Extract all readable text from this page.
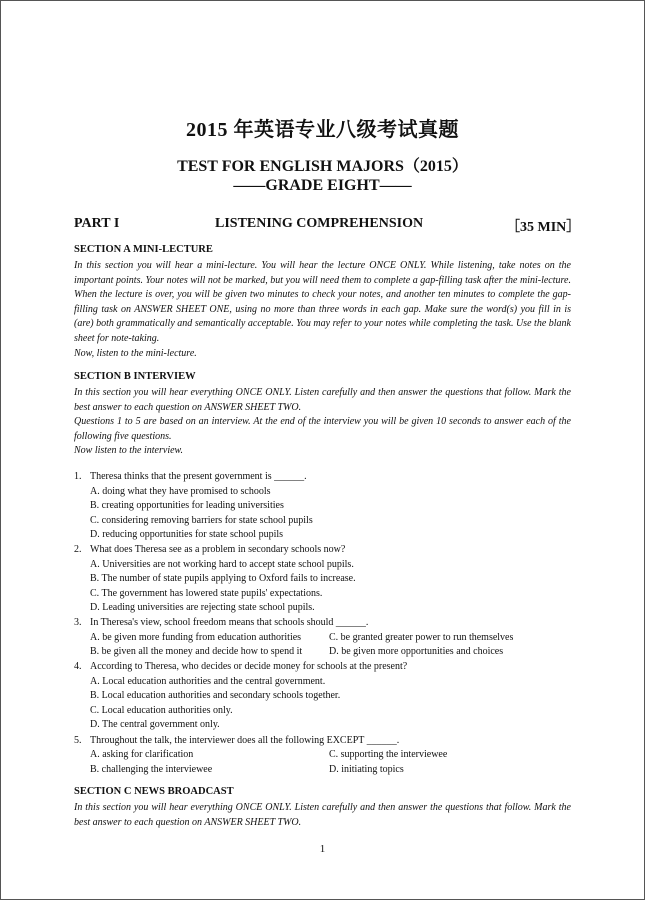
2015 年英语专业八级考试真题
TEST FOR ENGLISH MAJORS（2015）
——GRADE EIGHT——
PART I	LISTENING COMPREHENSION	［35 MIN］
SECTION A MINI-LECTURE
In this section you will hear a mini-lecture. You will hear the lecture ONCE ONLY. While listening, take notes on the important points. Your notes will not be marked, but you will need them to complete a gap-filling task after the mini-lecture. When the lecture is over, you will be given two minutes to check your notes, and another ten minutes to complete the gap-filling task on ANSWER SHEET ONE, using no more than three words in each gap. Make sure the word(s) you fill in is (are) both grammatically and semantically acceptable. You may refer to your notes while completing the task. Use the blank sheet for note-taking.
Now, listen to the mini-lecture.
SECTION B INTERVIEW
In this section you will hear everything ONCE ONLY. Listen carefully and then answer the questions that follow. Mark the best answer to each question on ANSWER SHEET TWO.
Questions 1 to 5 are based on an interview. At the end of the interview you will be given 10 seconds to answer each of the following five questions.
Now listen to the interview.
1. Theresa thinks that the present government is ______.
A. doing what they have promised to schools
B. creating opportunities for leading universities
C. considering removing barriers for state school pupils
D. reducing opportunities for state school pupils
2. What does Theresa see as a problem in secondary schools now?
A. Universities are not working hard to accept state school pupils.
B. The number of state pupils applying to Oxford fails to increase.
C. The government has lowered state pupils' expectations.
D. Leading universities are rejecting state school pupils.
3. In Theresa's view, school freedom means that schools should ______.
A. be given more funding from education authorities	C. be granted greater power to run themselves
B. be given all the money and decide how to spend it	D. be given more opportunities and choices
4. According to Theresa, who decides or decide money for schools at the present?
A. Local education authorities and the central government.
B. Local education authorities and secondary schools together.
C. Local education authorities only.
D. The central government only.
5. Throughout the talk, the interviewer does all the following EXCEPT ______.
A. asking for clarification	C. supporting the interviewee
B. challenging the interviewee	D. initiating topics
SECTION C NEWS BROADCAST
In this section you will hear everything ONCE ONLY. Listen carefully and then answer the questions that follow. Mark the best answer to each question on ANSWER SHEET TWO.
1
